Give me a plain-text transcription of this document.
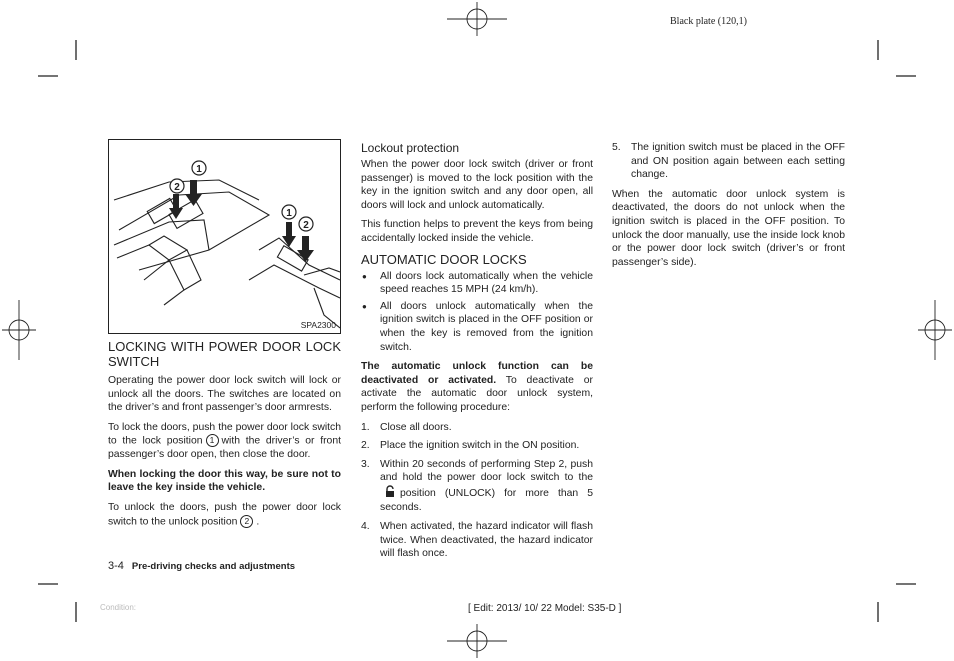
Black plate (120,1)
1
2
1
2
SPA2300
LOCKING WITH POWER DOOR LOCK SWITCH

Operating the power door lock switch will lock or unlock all the doors. The switches are located on the driver’s and front passenger’s door armrests.

To lock the doors, push the power door lock switch to the lock position 1 with the driver’s or front passenger’s door open, then close the door.

When locking the door this way, be sure not to leave the key inside the vehicle.

To unlock the doors, push the power door lock switch to the unlock position 2 .

Lockout protection

When the power door lock switch (driver or front passenger) is moved to the lock position with the key in the ignition switch and any door open, all doors will lock and unlock automatically.

This function helps to prevent the keys from being accidentally locked inside the vehicle.

AUTOMATIC DOOR LOCKS
● All doors lock automatically when the vehicle speed reaches 15 MPH (24 km/h).
● All doors unlock automatically when the ignition switch is placed in the OFF position or when the key is removed from the ignition switch.

The automatic unlock function can be deactivated or activated. To deactivate or activate the automatic door unlock system, perform the following procedure:

1. Close all doors.
2. Place the ignition switch in the ON position.
3. Within 20 seconds of performing Step 2, push and hold the power door lock switch to theposition (UNLOCK) for more than 5 seconds.
4. When activated, the hazard indicator will flash twice. When deactivated, the hazard indicator will flash once.
5. The ignition switch must be placed in the OFF and ON position again between each setting change.

When the automatic door unlock system is deactivated, the doors do not unlock when the ignition switch is placed in the OFF position. To unlock the door manually, use the inside lock knob or the power door lock switch (driver’s or front passenger’s side).

3-4 Pre-driving checks and adjustments
Condition:	[ Edit: 2013/ 10/ 22 Model: S35-D ]
